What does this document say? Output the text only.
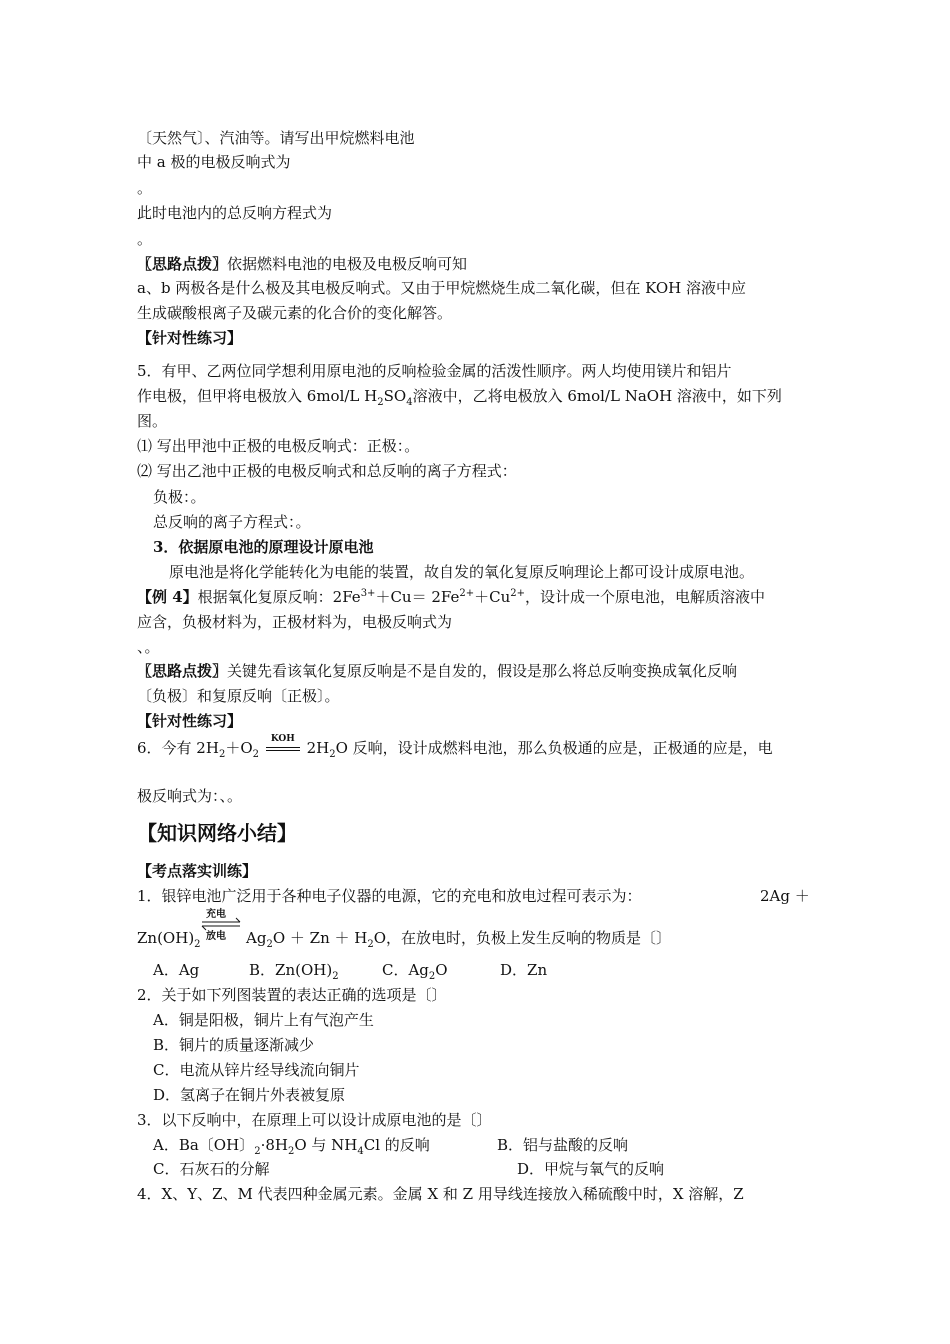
〔天然气〕、汽油等。请写出甲烷燃料电池
中 a 极的电极反响式为
。
此时电池内的总反响方程式为
。
〖思路点拨〗依据燃料电池的电极及电极反响可知
a、b 两极各是什么极及其电极反响式。又由于甲烷燃烧生成二氧化碳，但在 KOH 溶液中应
生成碳酸根离子及碳元素的化合价的变化解答。
【针对性练习】
5．有甲、乙两位同学想利用原电池的反响检验金属的活泼性顺序。两人均使用镁片和铝片
作电极，但甲将电极放入 6mol/L $H_2SO_4$溶液中，乙将电极放入 6mol/L NaOH 溶液中，如下列
图。
⑴ 写出甲池中正极的电极反响式：正极：。
⑵ 写出乙池中正极的电极反响式和总反响的离子方程式：
负极：。
总反响的离子方程式：。
3．依据原电池的原理设计原电池
原电池是将化学能转化为电能的装置，故自发的氧化复原反响理论上都可设计成原电池。
【例 4】根据氧化复原反响：$2Fe^{3+}+Cu= 2Fe^{2+}+Cu^{2+}$，设计成一个原电池，电解质溶液中
应含，负极材料为，正极材料为，电极反响式为
、。
〖思路点拨〗关键先看该氧化复原反响是不是自发的，假设是那么将总反响变换成氧化反响
〔负极〕和复原反响〔正极〕。
【针对性练习】
6．今有 $2H_2+O_2$
KOH $2H_2O$ 反响，设计成燃料电池，那么负极通的应是，正极通的应是，电
极反响式为：、。
【知识网络小结】
【考点落实训练】
1．银锌电池广泛用于各种电子仪器的电源，它的充电和放电过程可表示为：	2Ag ＋
充电
放电
$Zn(OH)_2$	$Ag_2O + Zn + H_2O$，在放电时，负极上发生反响的物质是〔〕
A．Ag	B．$Zn(OH)_2$	C．$Ag_2O$	D．Zn
2．关于如下列图装置的表达正确的选项是〔〕
A．铜是阳极，铜片上有气泡产生
B．铜片的质量逐渐减少
C．电流从锌片经导线流向铜片
D．氢离子在铜片外表被复原
3．以下反响中，在原理上可以设计成原电池的是〔〕
A．Ba〔OH〕$_2\cdot 8H_2O$ 与 $NH_4Cl$ 的反响	B．铝与盐酸的反响
C．石灰石的分解	D．甲烷与氧气的反响
4．X、Y、Z、M 代表四种金属元素。金属 X 和 Z 用导线连接放入稀硫酸中时，X 溶解，Z
